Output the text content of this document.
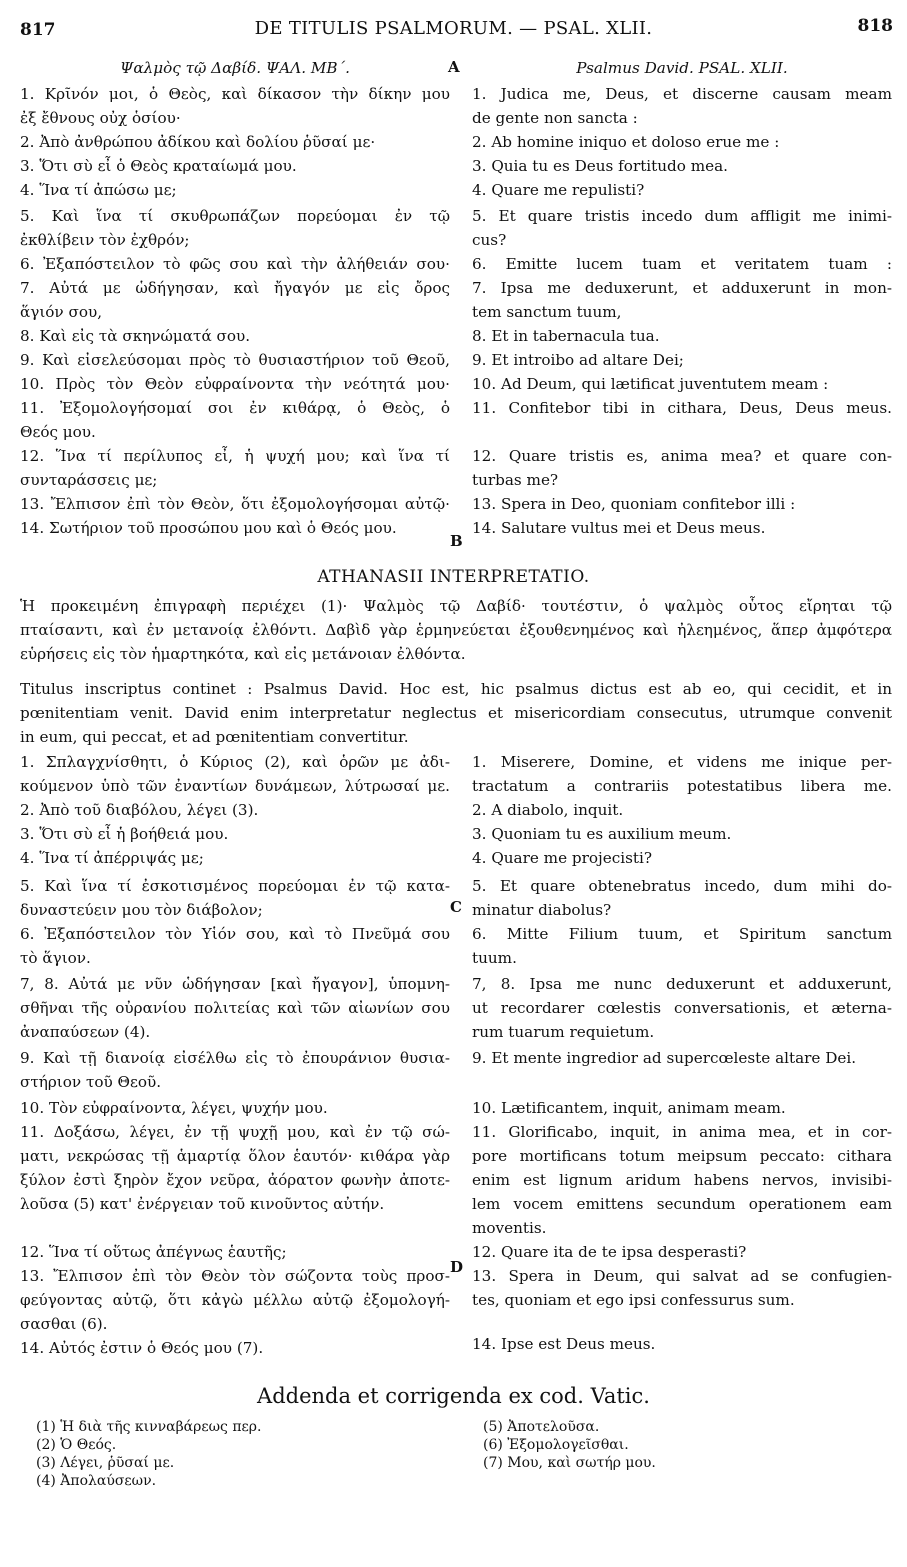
817	DE TITULIS PSALMORUM. — PSAL. XLII.	818
Ψαλμὸς τῷ Δαβίδ. ΨΑΛ. ΜΒ΄.
1. Κρῖνόν μοι, ὁ Θεὸς, καὶ δίκασον τὴν δίκην μου
ἐξ ἔθνους οὐχ ὁσίου·
2. Ἀπὸ ἀνθρώπου ἀδίκου καὶ δολίου ῥῦσαί με·
3. Ὅτι σὺ εἶ ὁ Θεὸς κραταίωμά μου.
4. Ἵνα τί ἀπώσω με;
5. Καὶ ἵνα τί σκυθρωπάζων πορεύομαι ἐν τῷ
ἐκθλίβειν τὸν ἐχθρόν;
6. Ἐξαπόστειλον τὸ φῶς σου καὶ τὴν ἀλήθειάν σου·
7. Αὐτά με ὡδήγησαν, καὶ ἤγαγόν με εἰς ὄρος
ἅγιόν σου,
8. Καὶ εἰς τὰ σκηνώματά σου.
9. Καὶ εἰσελεύσομαι πρὸς τὸ θυσιαστήριον τοῦ Θεοῦ,
10. Πρὸς τὸν Θεὸν εὐφραίνοντα τὴν νεότητά μου·
11. Ἐξομολογήσομαί σοι ἐν κιθάρᾳ, ὁ Θεὸς, ὁ
Θεός μου.
12. Ἵνα τί περίλυπος εἶ, ἡ ψυχή μου; καὶ ἵνα τί
συνταράσσεις με;
13. Ἔλπισον ἐπὶ τὸν Θεὸν, ὅτι ἐξομολογήσομαι αὐτῷ·
14. Σωτήριον τοῦ προσώπου μου καὶ ὁ Θεός μου.
A
B
Psalmus David. PSAL. XLII.
1. Judica me, Deus, et discerne causam meam
de gente non sancta :
2. Ab homine iniquo et doloso erue me :
3. Quia tu es Deus fortitudo mea.
4. Quare me repulisti?
5. Et quare tristis incedo dum affligit me inimi-
cus?
6. Emitte lucem tuam et veritatem tuam :
7. Ipsa me deduxerunt, et adduxerunt in mon-
tem sanctum tuum,
8. Et in tabernacula tua.
9. Et introibo ad altare Dei;
10. Ad Deum, qui lætificat juventutem meam :
11. Confitebor tibi in cithara, Deus, Deus meus.
12. Quare tristis es, anima mea? et quare con-
turbas me?
13. Spera in Deo, quoniam confitebor illi :
14. Salutare vultus mei et Deus meus.
ATHANASII INTERPRETATIO.
Ἡ προκειμένη ἐπιγραφὴ περιέχει (1)· Ψαλμὸς τῷ Δαβίδ· τουτέστιν, ὁ ψαλμὸς οὗτος εἴρηται τῷ
πταίσαντι, καὶ ἐν μετανοίᾳ ἐλθόντι. Δαβὶδ γὰρ ἑρμηνεύεται ἐξουθενημένος καὶ ἠλεημένος, ἅπερ ἀμφότερα
εὑρήσεις εἰς τὸν ἡμαρτηκότα, καὶ εἰς μετάνοιαν ἐλθόντα.
Titulus inscriptus continet : Psalmus David. Hoc est, hic psalmus dictus est ab eo, qui cecidit, et in
pœnitentiam venit. David enim interpretatur neglectus et misericordiam consecutus, utrumque convenit
in eum, qui peccat, et ad pœnitentiam convertitur.
1. Σπλαγχνίσθητι, ὁ Κύριος (2), καὶ ὁρῶν με ἀδι-
κούμενον ὑπὸ τῶν ἐναντίων δυνάμεων, λύτρωσαί με.
2. Ἀπὸ τοῦ διαβόλου, λέγει (3).
3. Ὅτι σὺ εἶ ἡ βοήθειά μου.
4. Ἵνα τί ἀπέρριψάς με;
5. Καὶ ἵνα τί ἐσκοτισμένος πορεύομαι ἐν τῷ κατα-
δυναστεύειν μου τὸν διάβολον;
6. Ἐξαπόστειλον τὸν Υἱόν σου, καὶ τὸ Πνεῦμά σου
τὸ ἅγιον.
7, 8. Αὐτά με νῦν ὡδήγησαν [καὶ ἤγαγον], ὑπομνη-
σθῆναι τῆς οὐρανίου πολιτείας καὶ τῶν αἰωνίων σου
ἀναπαύσεων (4).
9. Καὶ τῇ διανοίᾳ εἰσέλθω εἰς τὸ ἐπουράνιον θυσια-
στήριον τοῦ Θεοῦ.
10. Τὸν εὐφραίνοντα, λέγει, ψυχήν μου.
11. Δοξάσω, λέγει, ἐν τῇ ψυχῇ μου, καὶ ἐν τῷ σώ-
ματι, νεκρώσας τῇ ἁμαρτίᾳ ὅλον ἑαυτόν· κιθάρα γὰρ
ξύλον ἐστὶ ξηρὸν ἔχον νεῦρα, ἀόρατον φωνὴν ἀποτε-
λοῦσα (5) κατ' ἐνέργειαν τοῦ κινοῦντος αὐτήν.
12. Ἵνα τί οὕτως ἀπέγνως ἑαυτῆς;
13. Ἔλπισον ἐπὶ τὸν Θεὸν τὸν σώζοντα τοὺς προσ-
φεύγοντας αὐτῷ, ὅτι κἀγὼ μέλλω αὐτῷ ἐξομολογή-
σασθαι (6).
14. Αὐτός ἐστιν ὁ Θεός μου (7).
C
D
1. Miserere, Domine, et videns me inique per-
tractatum a contrariis potestatibus libera me.
2. A diabolo, inquit.
3. Quoniam tu es auxilium meum.
4. Quare me projecisti?
5. Et quare obtenebratus incedo, dum mihi do-
minatur diabolus?
6. Mitte Filium tuum, et Spiritum sanctum
tuum.
7, 8. Ipsa me nunc deduxerunt et adduxerunt,
ut recordarer cœlestis conversationis, et æterna-
rum tuarum requietum.
9. Et mente ingredior ad supercœleste altare Dei.
10. Lætificantem, inquit, animam meam.
11. Glorificabo, inquit, in anima mea, et in cor-
pore mortificans totum meipsum peccato: cithara
enim est lignum aridum habens nervos, invisibi-
lem vocem emittens secundum operationem eam
moventis.
12. Quare ita de te ipsa desperasti?
13. Spera in Deum, qui salvat ad se confugien-
tes, quoniam et ego ipsi confessurus sum.
14. Ipse est Deus meus.
Addenda et corrigenda ex cod. Vatic.
(1) Ἡ διὰ τῆς κινναβάρεως περ.
(2) Ὁ Θεός.
(3) Λέγει, ῥῦσαί με.
(4) Ἀπολαύσεων.
(5) Ἀποτελοῦσα.
(6) Ἐξομολογεῖσθαι.
(7) Μου, καὶ σωτήρ μου.
